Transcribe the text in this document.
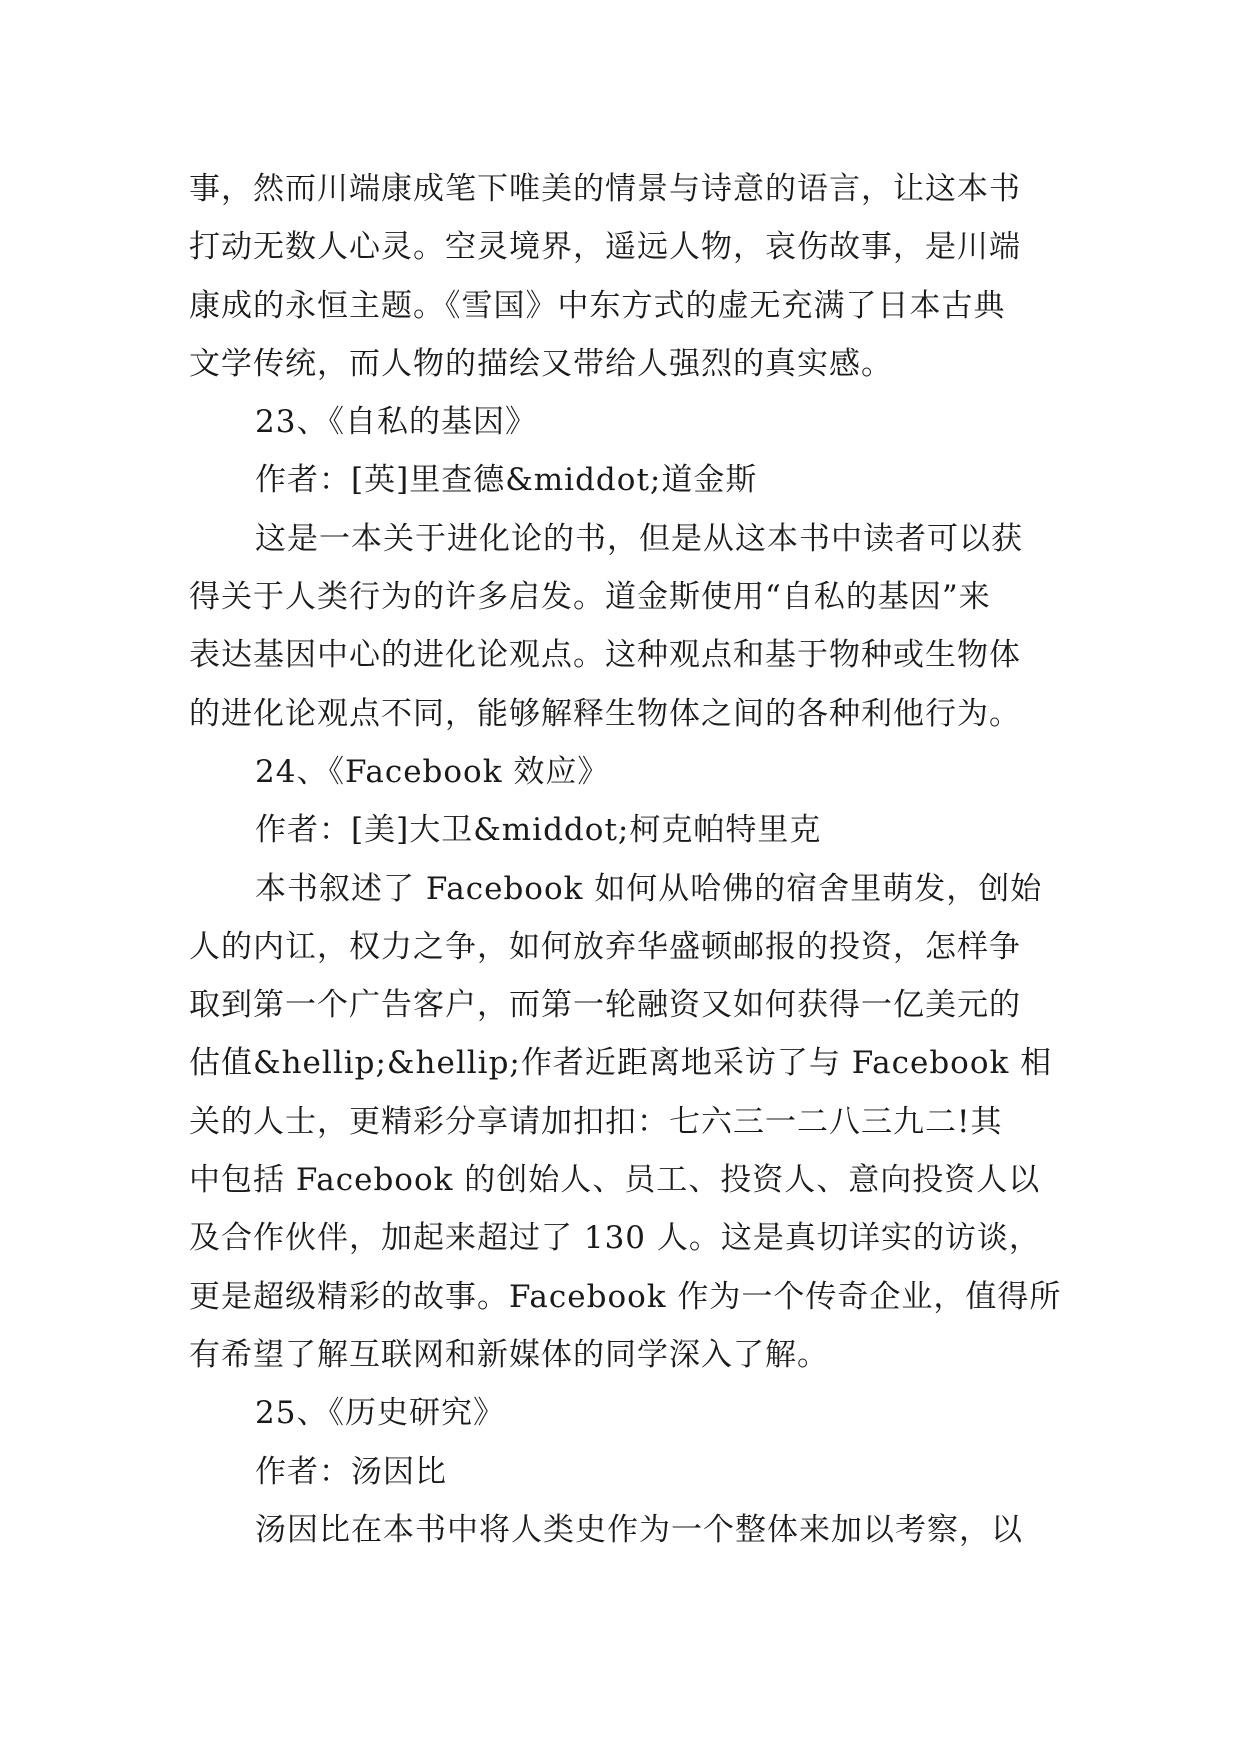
事，然而川端康成笔下唯美的情景与诗意的语言，让这本书
打动无数人心灵。空灵境界，遥远人物，哀伤故事，是川端
康成的永恒主题。《雪国》中东方式的虚无充满了日本古典
文学传统，而人物的描绘又带给人强烈的真实感。
23、《自私的基因》
作者：[英]里查德&middot;道金斯
这是一本关于进化论的书，但是从这本书中读者可以获
得关于人类行为的许多启发。道金斯使用“自私的基因”来
表达基因中心的进化论观点。这种观点和基于物种或生物体
的进化论观点不同，能够解释生物体之间的各种利他行为。
24、《Facebook 效应》
作者：[美]大卫&middot;柯克帕特里克
本书叙述了 Facebook 如何从哈佛的宿舍里萌发，创始
人的内讧，权力之争，如何放弃华盛顿邮报的投资，怎样争
取到第一个广告客户，而第一轮融资又如何获得一亿美元的
估值&hellip;&hellip;作者近距离地采访了与 Facebook 相
关的人士，更精彩分享请加扣扣：七六三一二八三九二!其
中包括 Facebook 的创始人、员工、投资人、意向投资人以
及合作伙伴，加起来超过了 130 人。这是真切详实的访谈，
更是超级精彩的故事。Facebook 作为一个传奇企业，值得所
有希望了解互联网和新媒体的同学深入了解。
25、《历史研究》
作者：汤因比
汤因比在本书中将人类史作为一个整体来加以考察，以
